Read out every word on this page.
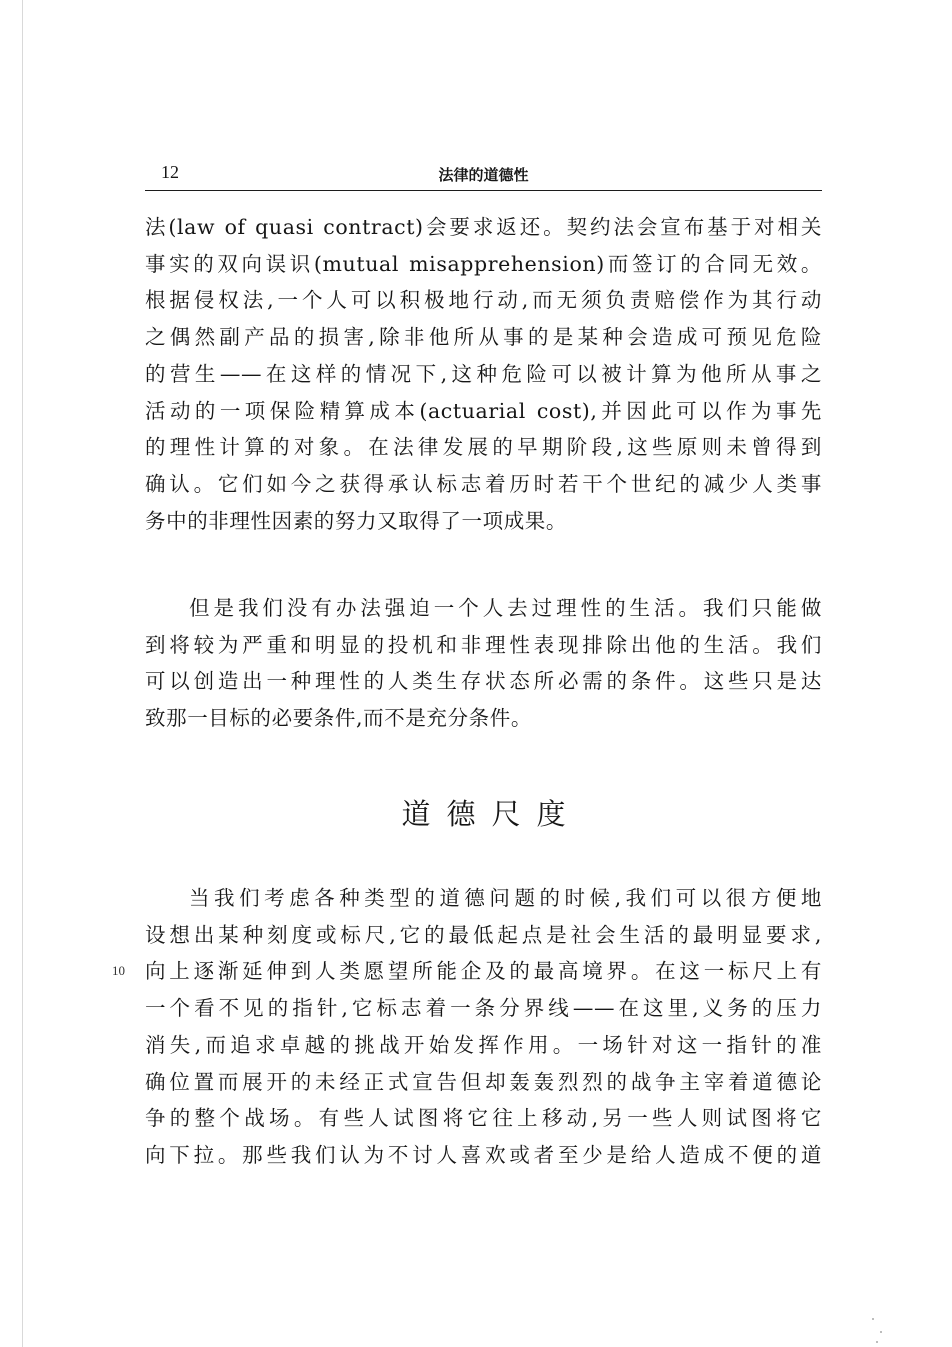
12	法律的道德性
法(law of quasi contract)会要求返还。契约法会宣布基于对相关
事实的双向误识(mutual misapprehension)而签订的合同无效。
根据侵权法,一个人可以积极地行动,而无须负责赔偿作为其行动
之偶然副产品的损害,除非他所从事的是某种会造成可预见危险
的营生——在这样的情况下,这种危险可以被计算为他所从事之
活动的一项保险精算成本(actuarial cost),并因此可以作为事先
的理性计算的对象。在法律发展的早期阶段,这些原则未曾得到
确认。它们如今之获得承认标志着历时若干个世纪的减少人类事
务中的非理性因素的努力又取得了一项成果。
但是我们没有办法强迫一个人去过理性的生活。我们只能做
到将较为严重和明显的投机和非理性表现排除出他的生活。我们
可以创造出一种理性的人类生存状态所必需的条件。这些只是达
致那一目标的必要条件,而不是充分条件。
道德尺度
10
当我们考虑各种类型的道德问题的时候,我们可以很方便地
设想出某种刻度或标尺,它的最低起点是社会生活的最明显要求,
向上逐渐延伸到人类愿望所能企及的最高境界。在这一标尺上有
一个看不见的指针,它标志着一条分界线——在这里,义务的压力
消失,而追求卓越的挑战开始发挥作用。一场针对这一指针的准
确位置而展开的未经正式宣告但却轰轰烈烈的战争主宰着道德论
争的整个战场。有些人试图将它往上移动,另一些人则试图将它
向下拉。那些我们认为不讨人喜欢或者至少是给人造成不便的道
